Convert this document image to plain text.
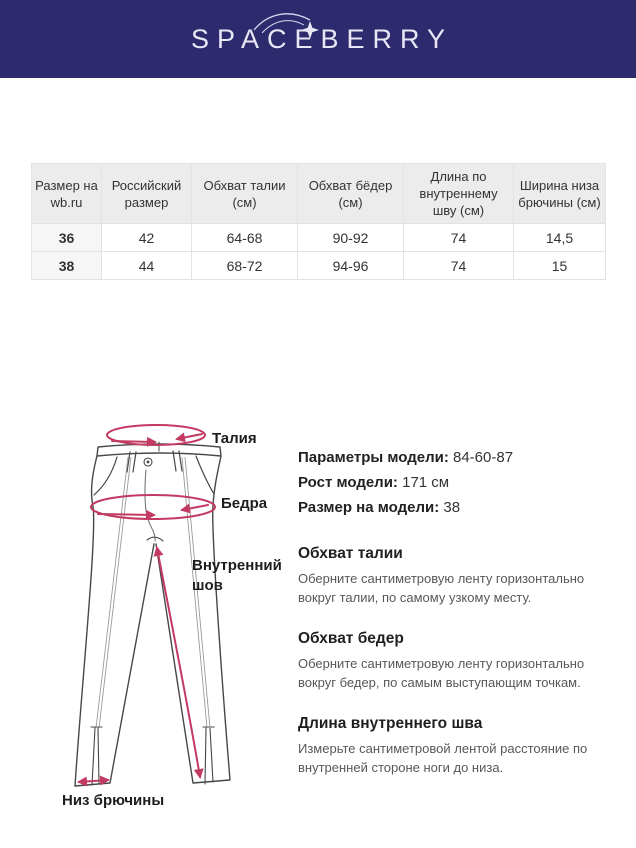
SPACEBERRY
Размер на wb.ru	Российский размер	Обхват талии (см)	Обхват бёдер (см)	Длина по внутреннему шву (см)	Ширина низа брючины (см)
36	42	64-68	90-92	74	14,5
38	44	68-72	94-96	74	15
Талия
Бедра
Внутренний шов
Низ брючины
Параметры модели: 84-60-87
Рост модели: 171 см
Размер на модели: 38
Обхват талии
Оберните сантиметровую ленту горизонтально вокруг талии, по самому узкому месту.
Обхват бедер
Оберните сантиметровую ленту горизонтально вокруг бедер, по самым выступающим точкам.
Длина внутреннего шва
Измерьте сантиметровой лентой расстояние по внутренней стороне ноги до низа.
